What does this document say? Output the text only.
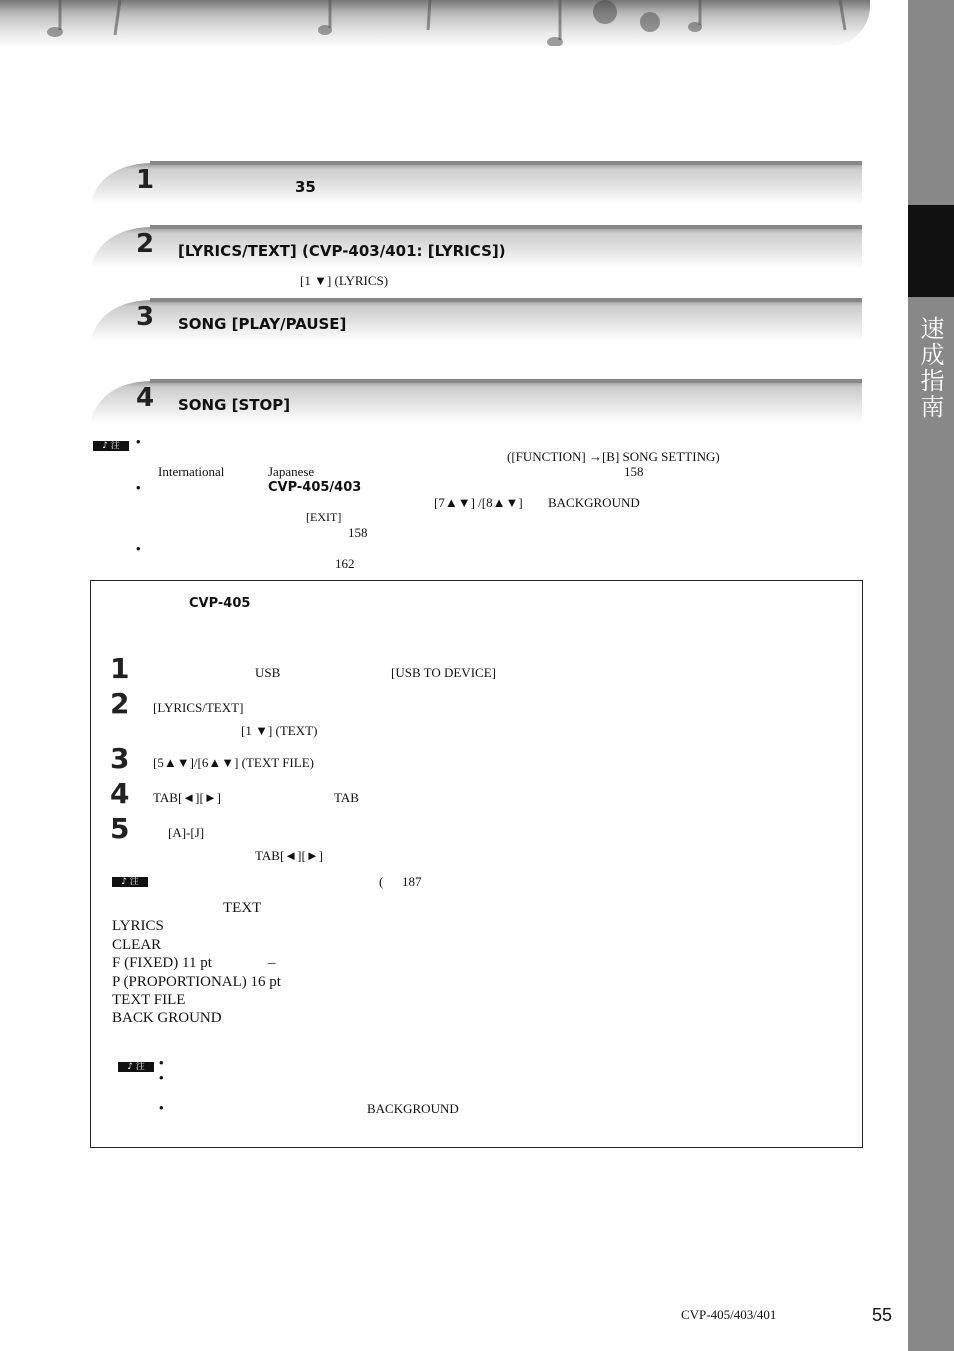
速成指南
1	35
2 [LYRICS/TEXT] (CVP-403/401: [LYRICS])
[1 ▼] (LYRICS)
3 SONG [PLAY/PAUSE]
4 SONG [STOP]
♪ 注	•
([FUNCTION] →[B] SONG SETTING)
International	Japanese	158
•	CVP-405/403
[7▲▼] /[8▲▼] BACKGROUND
[EXIT]
158
•
162
CVP-405
1	USB	[USB TO DEVICE]
2 [LYRICS/TEXT]
[1 ▼] (TEXT)
3 [5▲▼]/[6▲▼] (TEXT FILE)
4 TAB[◄][►]	TAB
5	[A]-[J]
TAB[◄][►]
♪ 注	( 187
TEXT
LYRICS
CLEAR
F (FIXED) 11 pt	–
P (PROPORTIONAL) 16 pt
TEXT FILE
BACK GROUND
♪ 注	•
•
•	BACKGROUND
CVP-405/403/401	55
